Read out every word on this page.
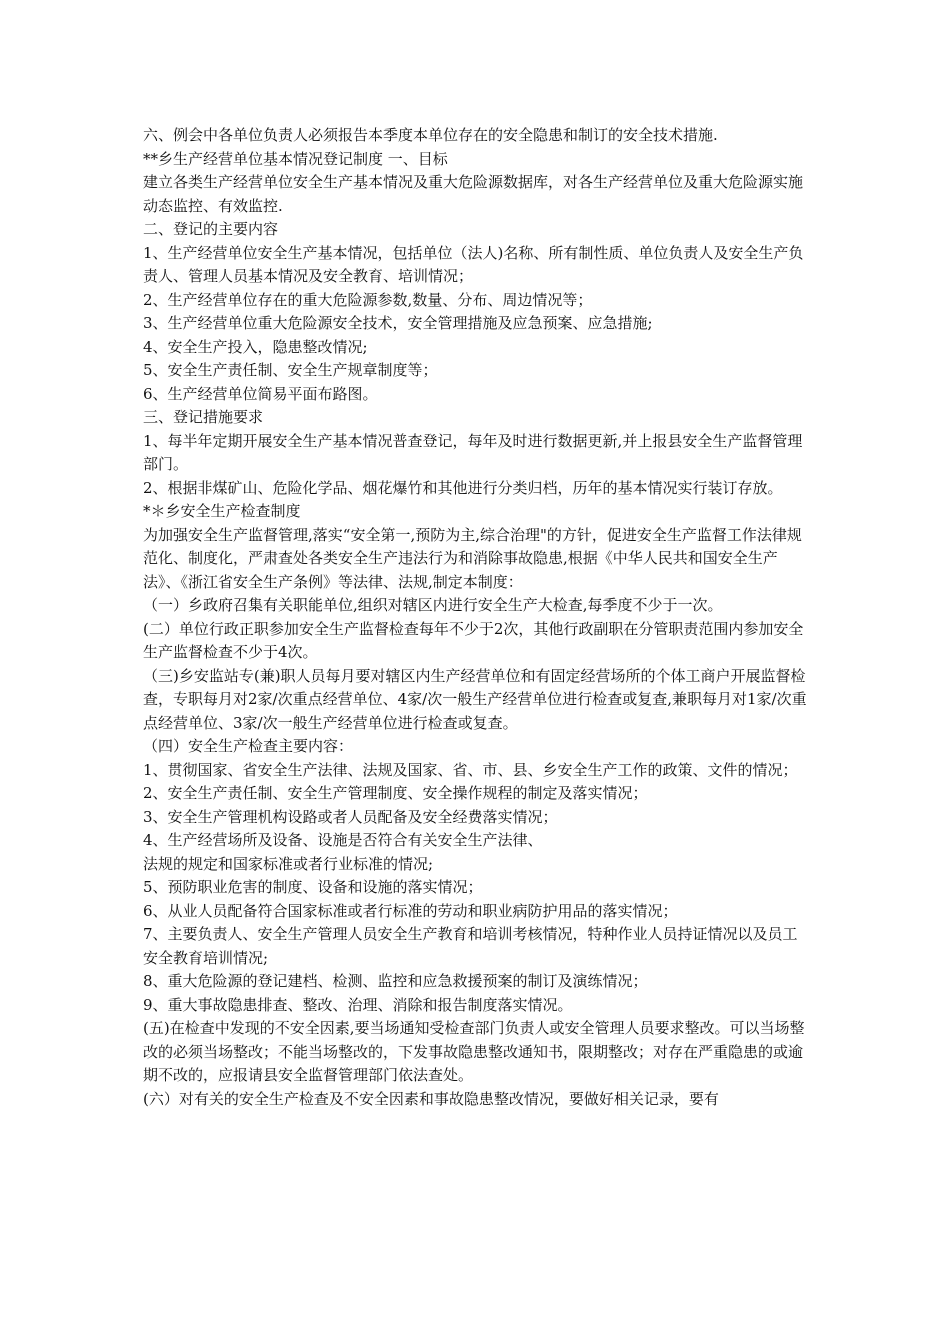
六、例会中各单位负责人必须报告本季度本单位存在的安全隐患和制订的安全技术措施.

**乡生产经营单位基本情况登记制度 一、目标

建立各类生产经营单位安全生产基本情况及重大危险源数据库，对各生产经营单位及重大危险源实施动态监控、有效监控.

二、登记的主要内容

1、生产经营单位安全生产基本情况，包括单位（法人)名称、所有制性质、单位负责人及安全生产负责人、管理人员基本情况及安全教育、培训情况；

2、生产经营单位存在的重大危险源参数,数量、分布、周边情况等；

3、生产经营单位重大危险源安全技术，安全管理措施及应急预案、应急措施;

4、安全生产投入，隐患整改情况;

5、安全生产责任制、安全生产规章制度等；

6、生产经营单位简易平面布路图。

三、登记措施要求

1、每半年定期开展安全生产基本情况普查登记，每年及时进行数据更新,并上报县安全生产监督管理部门。

2、根据非煤矿山、危险化学品、烟花爆竹和其他进行分类归档，历年的基本情况实行装订存放。

*＊乡安全生产检查制度

为加强安全生产监督管理,落实“安全第一,预防为主,综合治理"的方针，促进安全生产监督工作法律规范化、制度化，严肃查处各类安全生产违法行为和消除事故隐患,根据《中华人民共和国安全生产法》、《浙江省安全生产条例》等法律、法规,制定本制度：

（一）乡政府召集有关职能单位,组织对辖区内进行安全生产大检查,每季度不少于一次。

(二）单位行政正职参加安全生产监督检查每年不少于2次，其他行政副职在分管职责范围内参加安全生产监督检查不少于4次。

（三)乡安监站专(兼)职人员每月要对辖区内生产经营单位和有固定经营场所的个体工商户开展监督检查，专职每月对2家/次重点经营单位、4家/次一般生产经营单位进行检查或复查,兼职每月对1家/次重点经营单位、3家/次一般生产经营单位进行检查或复查。

（四）安全生产检查主要内容：

1、贯彻国家、省安全生产法律、法规及国家、省、市、县、乡安全生产工作的政策、文件的情况；

2、安全生产责任制、安全生产管理制度、安全操作规程的制定及落实情况；

3、安全生产管理机构设路或者人员配备及安全经费落实情况；

4、生产经营场所及设备、设施是否符合有关安全生产法律、

法规的规定和国家标准或者行业标准的情况;

5、预防职业危害的制度、设备和设施的落实情况；

6、从业人员配备符合国家标准或者行标准的劳动和职业病防护用品的落实情况；

7、主要负责人、安全生产管理人员安全生产教育和培训考核情况，特种作业人员持证情况以及员工安全教育培训情况;

8、重大危险源的登记建档、检测、监控和应急救援预案的制订及演练情况；

9、重大事故隐患排查、整改、治理、消除和报告制度落实情况。

(五)在检查中发现的不安全因素,要当场通知受检查部门负责人或安全管理人员要求整改。可以当场整改的必须当场整改；不能当场整改的，下发事故隐患整改通知书，限期整改；对存在严重隐患的或逾期不改的，应报请县安全监督管理部门依法查处。

(六）对有关的安全生产检查及不安全因素和事故隐患整改情况，要做好相关记录，要有
